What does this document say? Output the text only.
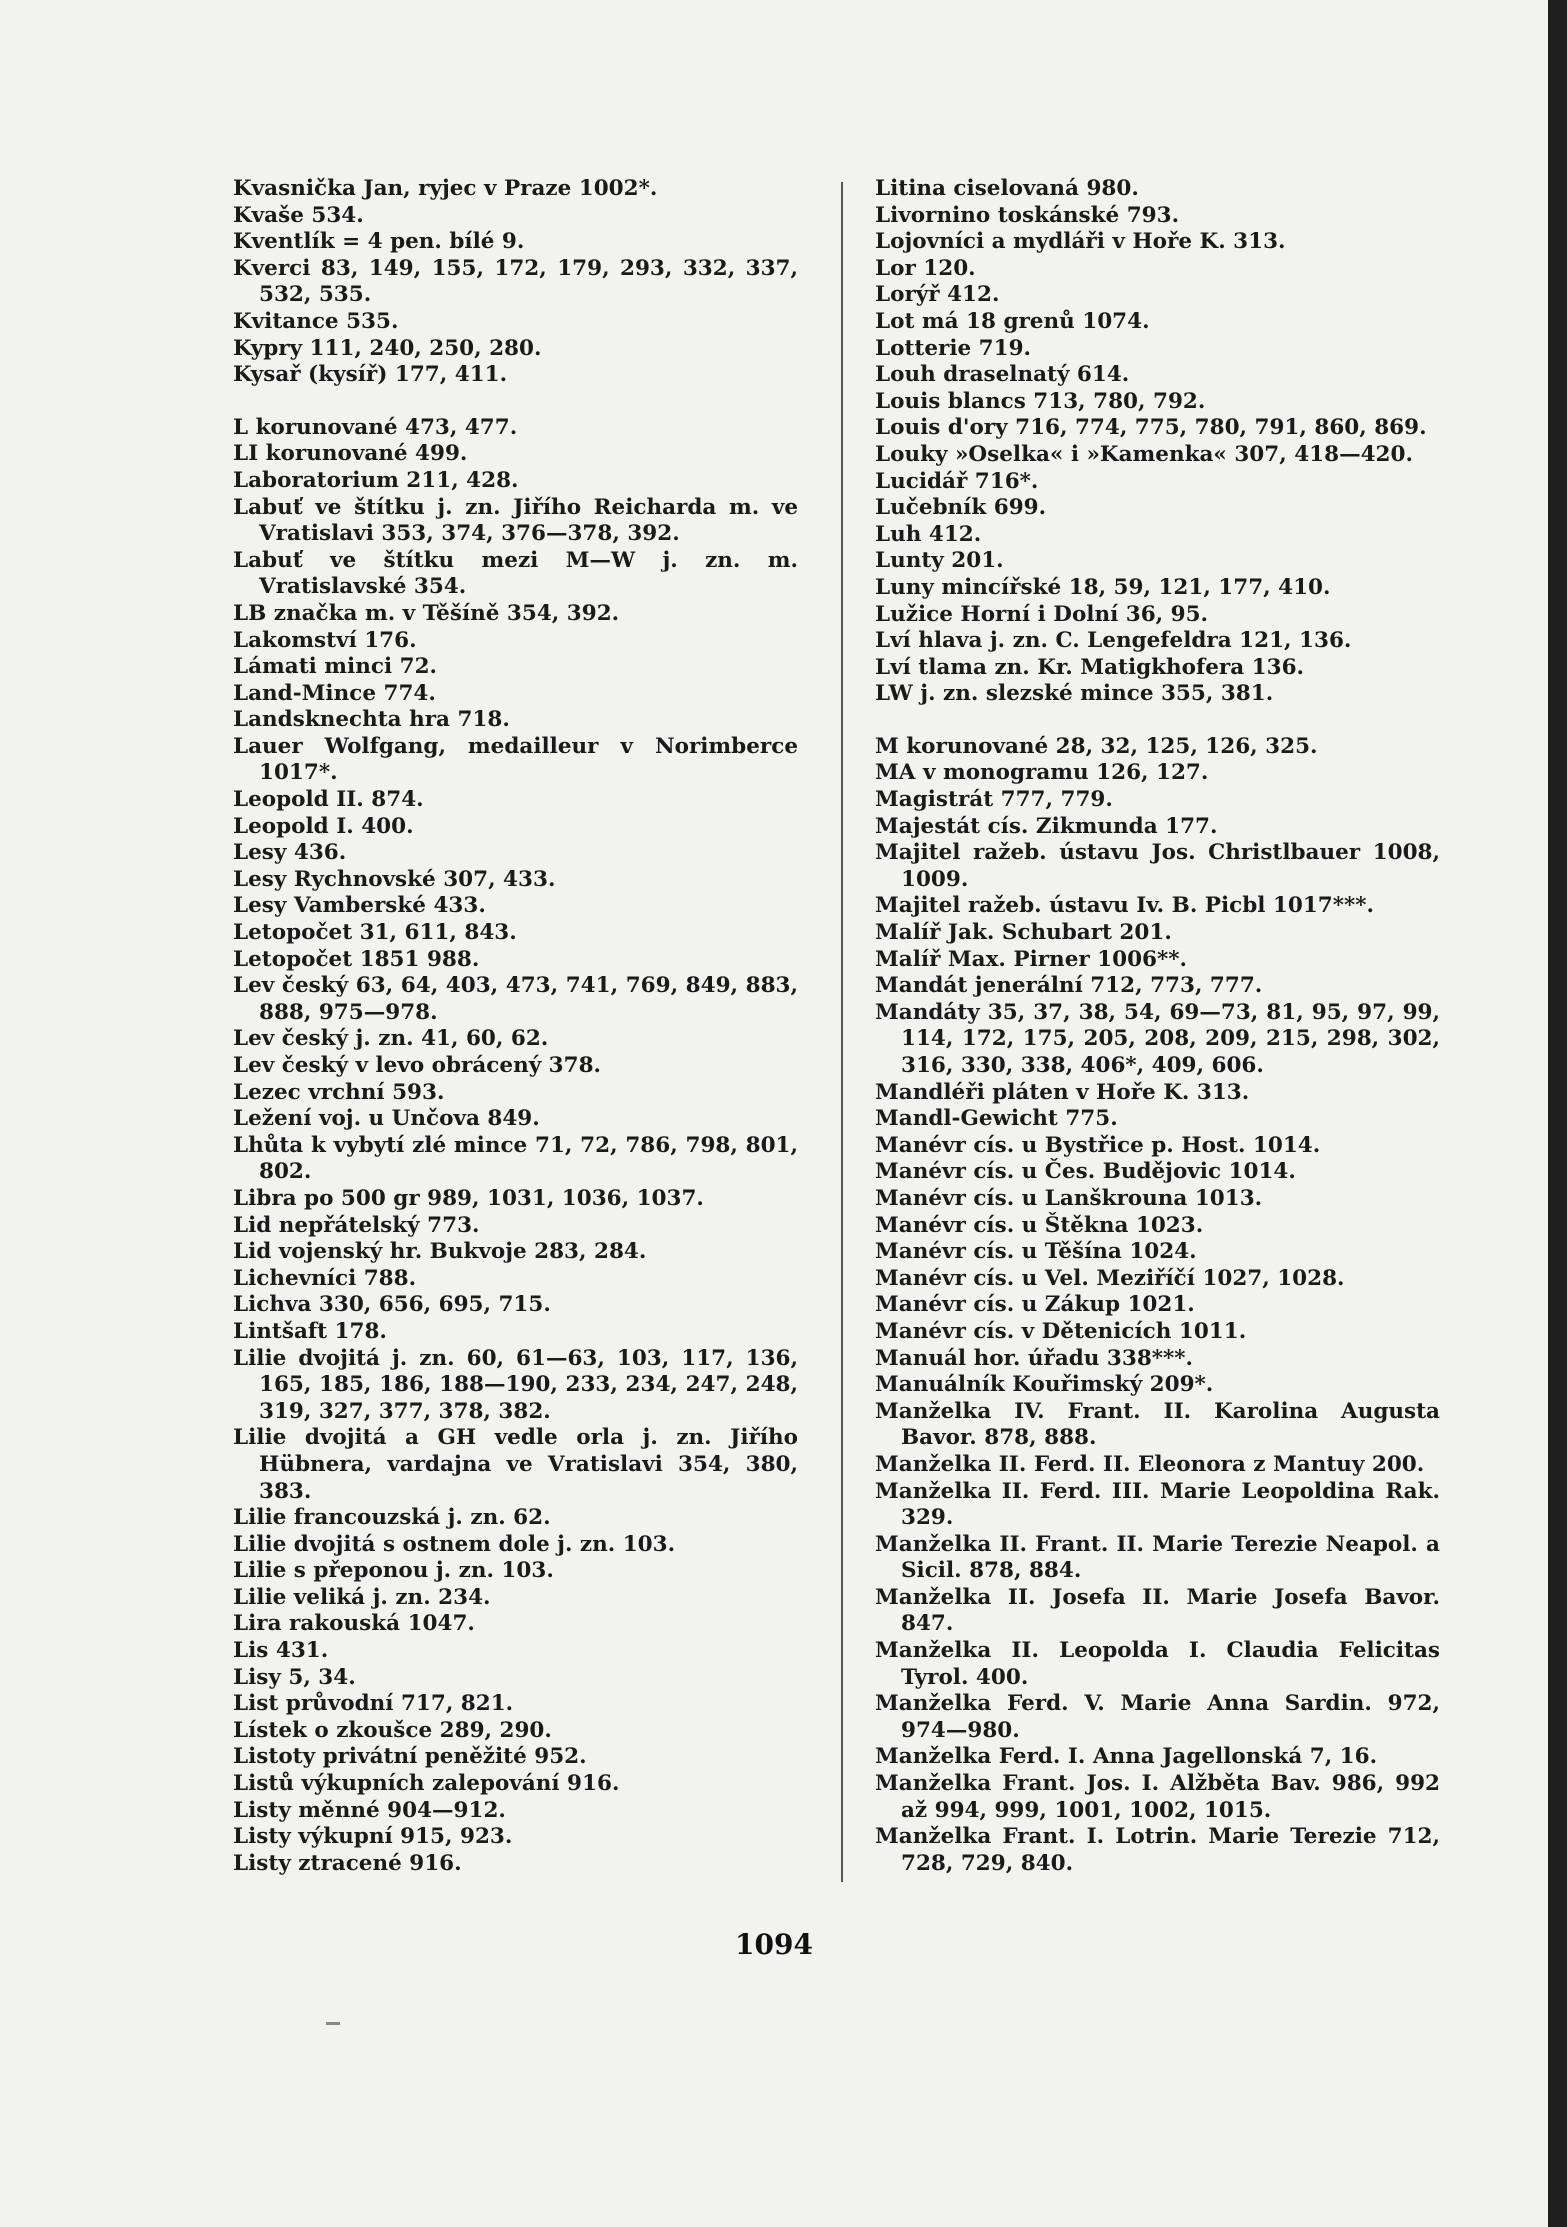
Kvasnička Jan, ryjec v Praze 1002*.
Kvaše 534.
Kventlík = 4 pen. bílé 9.
Kverci 83, 149, 155, 172, 179, 293, 332, 337, 532, 535.
Kvitance 535.
Kypry 111, 240, 250, 280.
Kysař (kysíř) 177, 411.
L korunované 473, 477.
LI korunované 499.
Laboratorium 211, 428.
Labuť ve štítku j. zn. Jiřího Reicharda m. ve Vratislavi 353, 374, 376—378, 392.
Labuť ve štítku mezi M—W j. zn. m. Vratislavské 354.
LB značka m. v Těšíně 354, 392.
Lakomství 176.
Lámati minci 72.
Land-Mince 774.
Landsknechta hra 718.
Lauer Wolfgang, medailleur v Norimberce 1017*.
Leopold II. 874.
Leopold I. 400.
Lesy 436.
Lesy Rychnovské 307, 433.
Lesy Vamberské 433.
Letopočet 31, 611, 843.
Letopočet 1851 988.
Lev český 63, 64, 403, 473, 741, 769, 849, 883, 888, 975—978.
Lev český j. zn. 41, 60, 62.
Lev český v levo obrácený 378.
Lezec vrchní 593.
Ležení voj. u Unčova 849.
Lhůta k vybytí zlé mince 71, 72, 786, 798, 801, 802.
Libra po 500 gr 989, 1031, 1036, 1037.
Lid nepřátelský 773.
Lid vojenský hr. Bukvoje 283, 284.
Lichevníci 788.
Lichva 330, 656, 695, 715.
Lintšaft 178.
Lilie dvojitá j. zn. 60, 61—63, 103, 117, 136, 165, 185, 186, 188—190, 233, 234, 247, 248, 319, 327, 377, 378, 382.
Lilie dvojitá a GH vedle orla j. zn. Jiřího Hübnera, vardajna ve Vratislavi 354, 380, 383.
Lilie francouzská j. zn. 62.
Lilie dvojitá s ostnem dole j. zn. 103.
Lilie s přeponou j. zn. 103.
Lilie veliká j. zn. 234.
Lira rakouská 1047.
Lis 431.
Lisy 5, 34.
List průvodní 717, 821.
Lístek o zkoušce 289, 290.
Listoty privátní peněžité 952.
Listů výkupních zalepování 916.
Listy měnné 904—912.
Listy výkupní 915, 923.
Listy ztracené 916.
Litina ciselovaná 980.
Livornino toskánské 793.
Lojovníci a mydláři v Hoře K. 313.
Lor 120.
Lorýř 412.
Lot má 18 grenů 1074.
Lotterie 719.
Louh draselnatý 614.
Louis blancs 713, 780, 792.
Louis d'ory 716, 774, 775, 780, 791, 860, 869.
Louky »Oselka« i »Kamenka« 307, 418—420.
Lucidář 716*.
Lučebník 699.
Luh 412.
Lunty 201.
Luny mincířské 18, 59, 121, 177, 410.
Lužice Horní i Dolní 36, 95.
Lví hlava j. zn. C. Lengefeldra 121, 136.
Lví tlama zn. Kr. Matigkhofera 136.
LW j. zn. slezské mince 355, 381.
M korunované 28, 32, 125, 126, 325.
MA v monogramu 126, 127.
Magistrát 777, 779.
Majestát cís. Zikmunda 177.
Majitel ražeb. ústavu Jos. Christlbauer 1008, 1009.
Majitel ražeb. ústavu Iv. B. Picbl 1017***.
Malíř Jak. Schubart 201.
Malíř Max. Pirner 1006**.
Mandát jenerální 712, 773, 777.
Mandáty 35, 37, 38, 54, 69—73, 81, 95, 97, 99, 114, 172, 175, 205, 208, 209, 215, 298, 302, 316, 330, 338, 406*, 409, 606.
Mandléři pláten v Hoře K. 313.
Mandl-Gewicht 775.
Manévr cís. u Bystřice p. Host. 1014.
Manévr cís. u Čes. Budějovic 1014.
Manévr cís. u Lanškrouna 1013.
Manévr cís. u Štěkna 1023.
Manévr cís. u Těšína 1024.
Manévr cís. u Vel. Meziříčí 1027, 1028.
Manévr cís. u Zákup 1021.
Manévr cís. v Dětenicích 1011.
Manuál hor. úřadu 338***.
Manuálník Kouřimský 209*.
Manželka IV. Frant. II. Karolina Augusta Bavor. 878, 888.
Manželka II. Ferd. II. Eleonora z Mantuy 200.
Manželka II. Ferd. III. Marie Leopoldina Rak. 329.
Manželka II. Frant. II. Marie Terezie Neapol. a Sicil. 878, 884.
Manželka II. Josefa II. Marie Josefa Bavor. 847.
Manželka II. Leopolda I. Claudia Felicitas Tyrol. 400.
Manželka Ferd. V. Marie Anna Sardin. 972, 974—980.
Manželka Ferd. I. Anna Jagellonská 7, 16.
Manželka Frant. Jos. I. Alžběta Bav. 986, 992 až 994, 999, 1001, 1002, 1015.
Manželka Frant. I. Lotrin. Marie Terezie 712, 728, 729, 840.
1094
